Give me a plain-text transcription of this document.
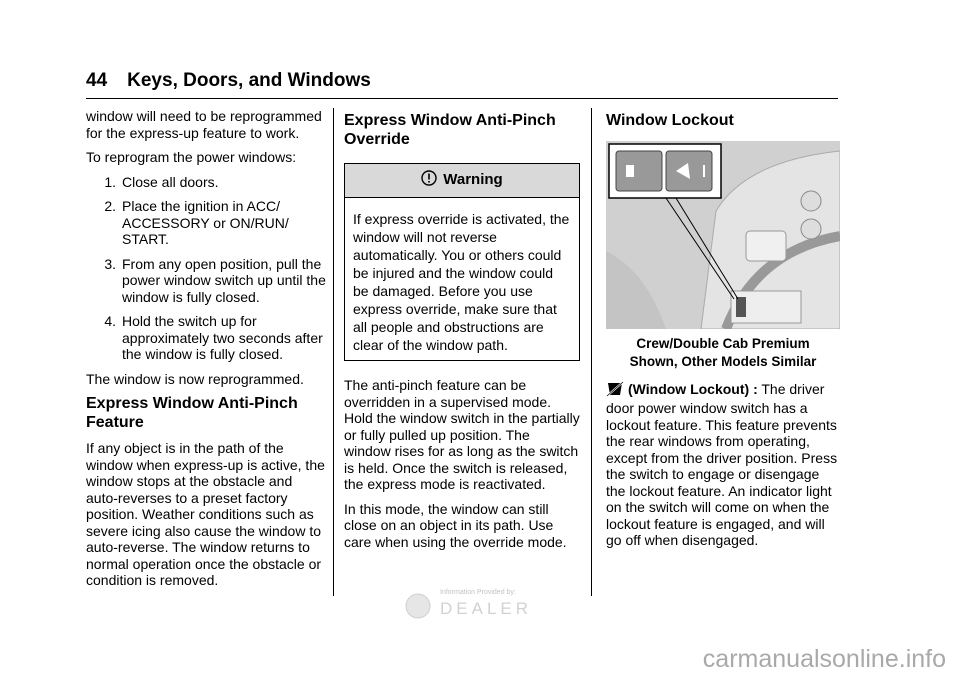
44 Keys, Doors, and Windows

window will need to be reprogrammed for the express-up feature to work.

To reprogram the power windows:

1. Close all doors.
2. Place the ignition in ACC/ ACCESSORY or ON/RUN/ START.
3. From any open position, pull the power window switch up until the window is fully closed.
4. Hold the switch up for approximately two seconds after the window is fully closed.

The window is now reprogrammed.

Express Window Anti-Pinch Feature

If any object is in the path of the window when express-up is active, the window stops at the obstacle and auto-reverses to a preset factory position. Weather conditions such as severe icing also cause the window to auto-reverse. The window returns to normal operation once the obstacle or condition is removed.

Express Window Anti-Pinch Override
Warning
If express override is activated, the window will not reverse automatically. You or others could be injured and the window could be damaged. Before you use express override, make sure that all people and obstructions are clear of the window path.

The anti-pinch feature can be overridden in a supervised mode. Hold the window switch in the partially or fully pulled up position. The window rises for as long as the switch is held. Once the switch is released, the express mode is reactivated.

In this mode, the window can still close on an object in its path. Use care when using the override mode.

Window Lockout
Crew/Double Cab Premium
Shown, Other Models Similar

(Window Lockout) : The driver door power window switch has a lockout feature. This feature prevents the rear windows from operating, except from the driver position. Press the switch to engage or disengage the lockout feature. An indicator light on the switch will come on when the lockout feature is engaged, and will go off when disengaged.

Information Provided by:
DEALER
carmanualsonline.info
